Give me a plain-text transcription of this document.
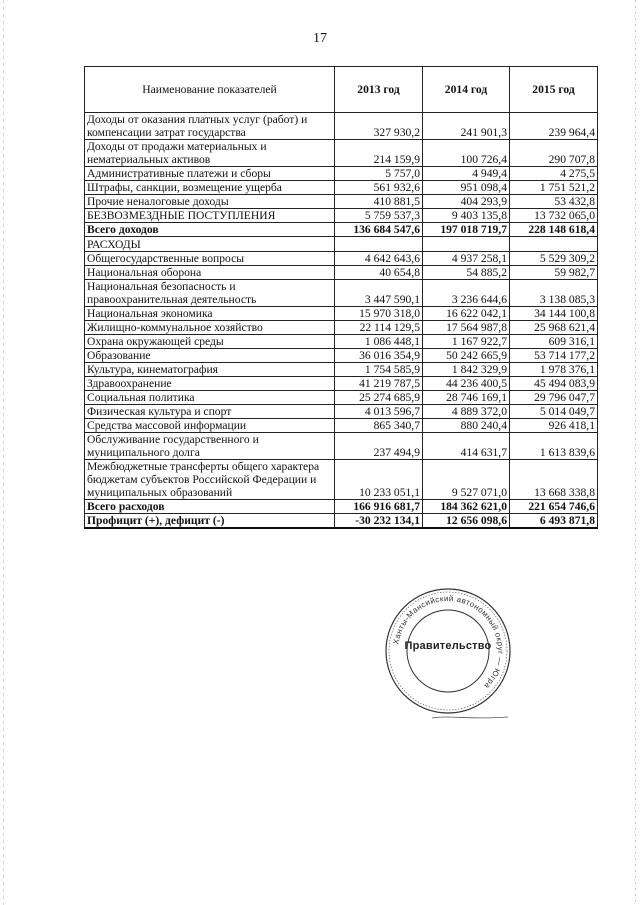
17
Наименование показателей	2013 год	2014 год	2015 год
Доходы от оказания платных услуг (работ) и компенсации затрат государства	327 930,2	241 901,3	239 964,4
Доходы от продажи материальных и нематериальных активов	214 159,9	100 726,4	290 707,8
Административные платежи и сборы	5 757,0	4 949,4	4 275,5
Штрафы, санкции, возмещение ущерба	561 932,6	951 098,4	1 751 521,2
Прочие неналоговые доходы	410 881,5	404 293,9	53 432,8
БЕЗВОЗМЕЗДНЫЕ ПОСТУПЛЕНИЯ	5 759 537,3	9 403 135,8	13 732 065,0
Всего доходов	136 684 547,6	197 018 719,7	228 148 618,4
РАСХОДЫ			
Общегосударственные вопросы	4 642 643,6	4 937 258,1	5 529 309,2
Национальная оборона	40 654,8	54 885,2	59 982,7
Национальная безопасность и правоохранительная деятельность	3 447 590,1	3 236 644,6	3 138 085,3
Национальная экономика	15 970 318,0	16 622 042,1	34 144 100,8
Жилищно-коммунальное хозяйство	22 114 129,5	17 564 987,8	25 968 621,4
Охрана окружающей среды	1 086 448,1	1 167 922,7	609 316,1
Образование	36 016 354,9	50 242 665,9	53 714 177,2
Культура, кинематография	1 754 585,9	1 842 329,9	1 978 376,1
Здравоохранение	41 219 787,5	44 236 400,5	45 494 083,9
Социальная политика	25 274 685,9	28 746 169,1	29 796 047,7
Физическая культура и спорт	4 013 596,7	4 889 372,0	5 014 049,7
Средства массовой информации	865 340,7	880 240,4	926 418,1
Обслуживание государственного и муниципального долга	237 494,9	414 631,7	1 613 839,6
Межбюджетные трансферты общего характера бюджетам субъектов Российской Федерации и муниципальных образований	10 233 051,1	9 527 071,0	13 668 338,8
Всего расходов	166 916 681,7	184 362 621,0	221 654 746,6
Профицит (+), дефицит (-)	-30 232 134,1	12 656 098,6	6 493 871,8
Ханты-Мансийский автономный округ — Югра
Правительство
